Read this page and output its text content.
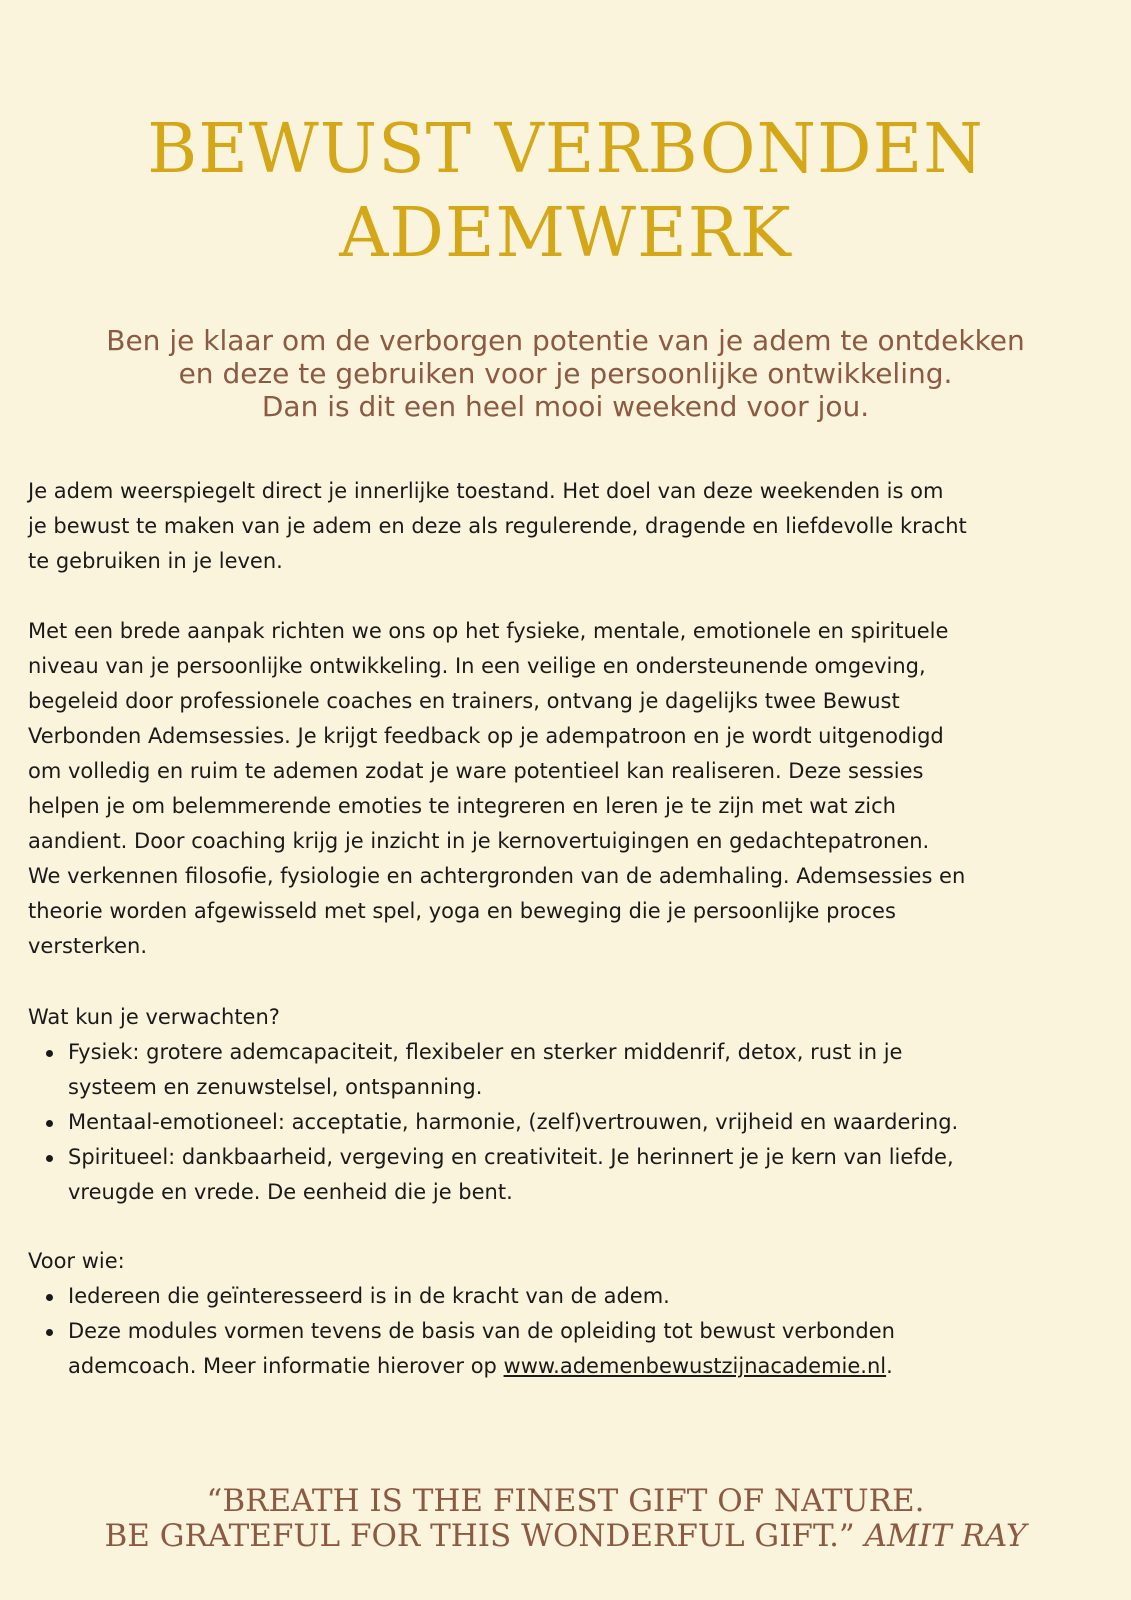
BEWUST VERBONDEN
ADEMWERK
Ben je klaar om de verborgen potentie van je adem te ontdekken
en deze te gebruiken voor je persoonlijke ontwikkeling.
Dan is dit een heel mooi weekend voor jou.
Je adem weerspiegelt direct je innerlijke toestand. Het doel van deze weekenden is om
je bewust te maken van je adem en deze als regulerende, dragende en liefdevolle kracht
te gebruiken in je leven.
Met een brede aanpak richten we ons op het fysieke, mentale, emotionele en spirituele
niveau van je persoonlijke ontwikkeling. In een veilige en ondersteunende omgeving,
begeleid door professionele coaches en trainers, ontvang je dagelijks twee Bewust
Verbonden Ademsessies. Je krijgt feedback op je adempatroon en je wordt uitgenodigd
om volledig en ruim te ademen zodat je ware potentieel kan realiseren. Deze sessies
helpen je om belemmerende emoties te integreren en leren je te zijn met wat zich
aandient. Door coaching krijg je inzicht in je kernovertuigingen en gedachtepatronen.
We verkennen filosofie, fysiologie en achtergronden van de ademhaling. Ademsessies en
theorie worden afgewisseld met spel, yoga en beweging die je persoonlijke proces
versterken.
Wat kun je verwachten?
Fysiek: grotere ademcapaciteit, flexibeler en sterker middenrif, detox, rust in je
systeem en zenuwstelsel, ontspanning.
Mentaal-emotioneel: acceptatie, harmonie, (zelf)vertrouwen, vrijheid en waardering.
Spiritueel: dankbaarheid, vergeving en creativiteit. Je herinnert je je kern van liefde,
vreugde en vrede. De eenheid die je bent.
Voor wie:
Iedereen die geïnteresseerd is in de kracht van de adem.
Deze modules vormen tevens de basis van de opleiding tot bewust verbonden
ademcoach. Meer informatie hierover op www.ademenbewustzijnacademie.nl.
“BREATH IS THE FINEST GIFT OF NATURE.
BE GRATEFUL FOR THIS WONDERFUL GIFT.” AMIT RAY
